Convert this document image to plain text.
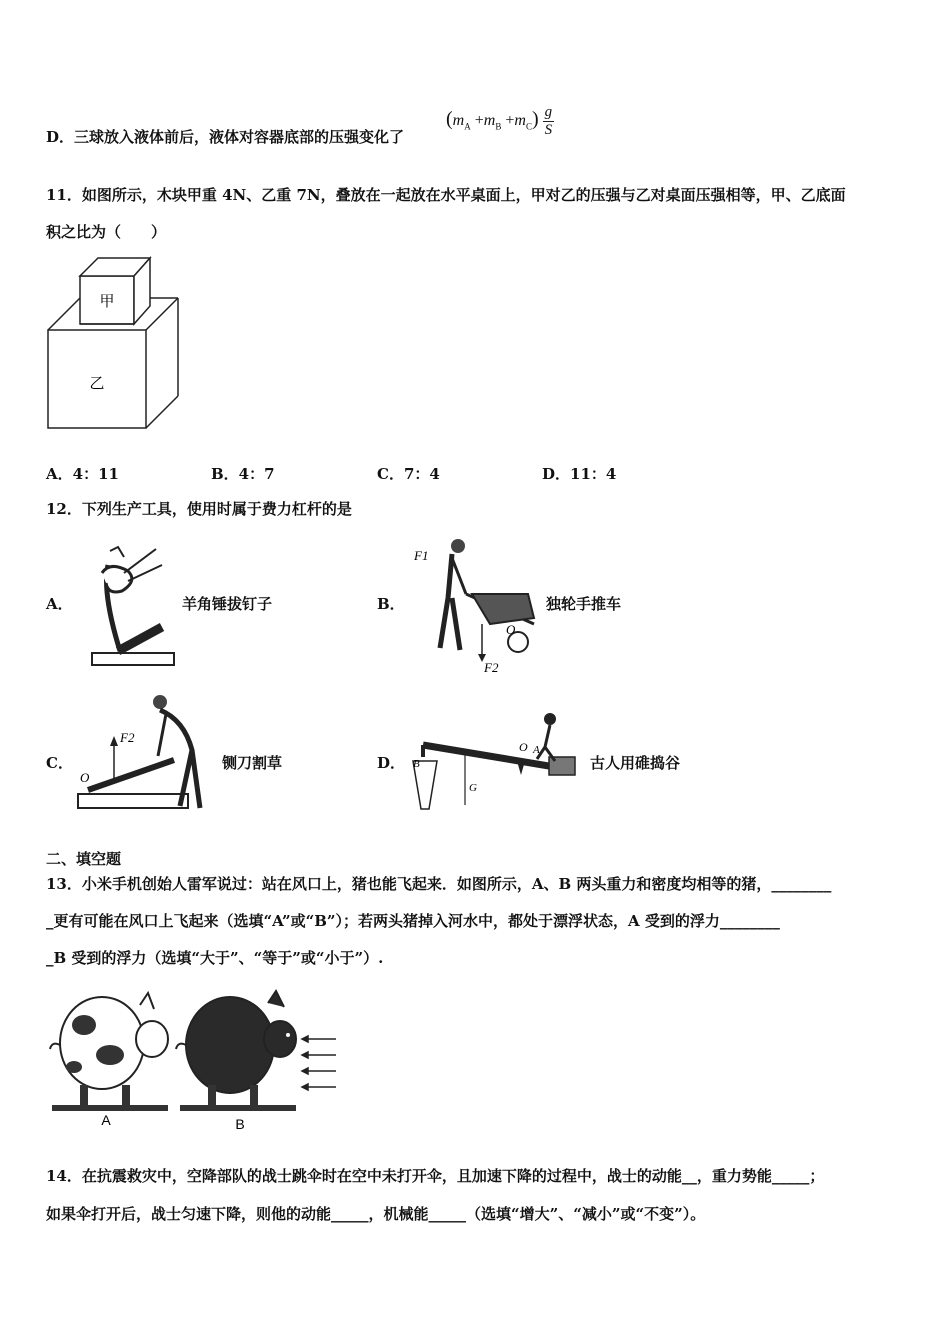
D．三球放入液体前后，液体对容器底部的压强变化了
$(m_A +m_B +m_C) \frac{g}{S}$
11．如图所示，木块甲重 4N、乙重 7N，叠放在一起放在水平桌面上，甲对乙的压强与乙对桌面压强相等，甲、乙底面
积之比为（　　）
甲
乙
A．4：11	B．4：7	C．7：4	D．11：4
12．下列生产工具，使用时属于费力杠杆的是
A．	羊角锤拔钉子	B．
F1
F2
O
独轮手推车
C．
O
F2
铡刀割草	D． B
G
O A
古人用碓捣谷
二、填空题
13．小米手机创始人雷军说过：站在风口上，猪也能飞起来．如图所示，A、B 两头重力和密度均相等的猪，________
_更有可能在风口上飞起来（选填“A”或“B”）；若两头猪掉入河水中，都处于漂浮状态，A 受到的浮力________
_B 受到的浮力（选填“大于”、“等于”或“小于”）.
A	B
14．在抗震救灾中，空降部队的战士跳伞时在空中未打开伞，且加速下降的过程中，战士的动能__，重力势能_____；
如果伞打开后，战士匀速下降，则他的动能_____，机械能_____（选填“增大”、“减小”或“不变”）。
